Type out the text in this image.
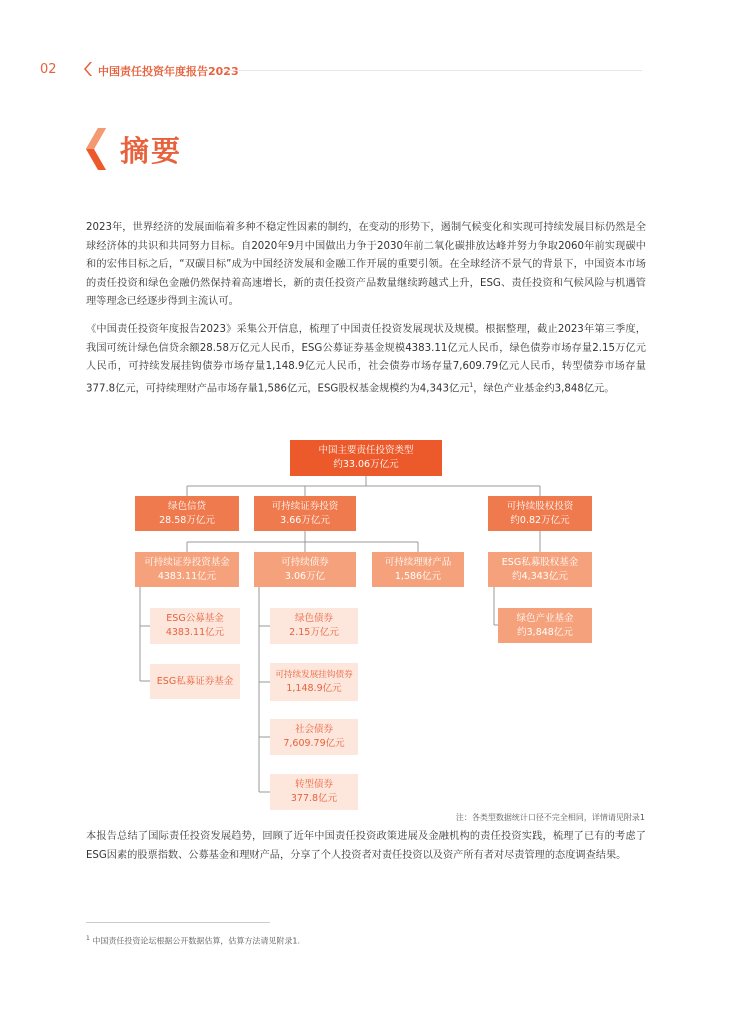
02	中国责任投资年度报告2023
摘要
2023年，世界经济的发展面临着多种不稳定性因素的制约，在变动的形势下，遏制气候变化和实现可持续发展目标仍然是全球经济体的共识和共同努力目标。自2020年9月中国做出力争于2030年前二氧化碳排放达峰并努力争取2060年前实现碳中和的宏伟目标之后，“双碳目标”成为中国经济发展和金融工作开展的重要引领。在全球经济不景气的背景下，中国资本市场的责任投资和绿色金融仍然保持着高速增长，新的责任投资产品数量继续跨越式上升，ESG、责任投资和气候风险与机遇管理等理念已经逐步得到主流认可。
《中国责任投资年度报告2023》采集公开信息，梳理了中国责任投资发展现状及规模。根据整理，截止2023年第三季度，我国可统计绿色信贷余额28.58万亿元人民币，ESG公募证券基金规模4383.11亿元人民币，绿色债券市场存量2.15万亿元人民币，可持续发展挂钩债券市场存量1,148.9亿元人民币，社会债券市场存量7,609.79亿元人民币，转型债券市场存量377.8亿元，可持续理财产品市场存量1,586亿元，ESG股权基金规模约为4,343亿元$^1$，绿色产业基金约3,848亿元。
中国主要责任投资类型
约33.06万亿元
绿色信贷
28.58万亿元
可持续证券投资
3.66万亿元
可持续股权投资
约0.82万亿元
可持续证券投资基金
4383.11亿元
可持续债券
3.06万亿
可持续理财产品
1,586亿元
ESG私募股权基金
约4,343亿元
绿色产业基金
约3,848亿元
ESG公募基金
4383.11亿元
ESG私募证券基金
绿色债券
2.15万亿元
可持续发展挂钩债券
1,148.9亿元
社会债券
7,609.79亿元
转型债券
377.8亿元
注：各类型数据统计口径不完全相同，详情请见附录1
本报告总结了国际责任投资发展趋势，回顾了近年中国责任投资政策进展及金融机构的责任投资实践，梳理了已有的考虑了ESG因素的股票指数、公募基金和理财产品，分享了个人投资者对责任投资以及资产所有者对尽责管理的态度调查结果。
$^1$ 中国责任投资论坛根据公开数据估算，估算方法请见附录1.
